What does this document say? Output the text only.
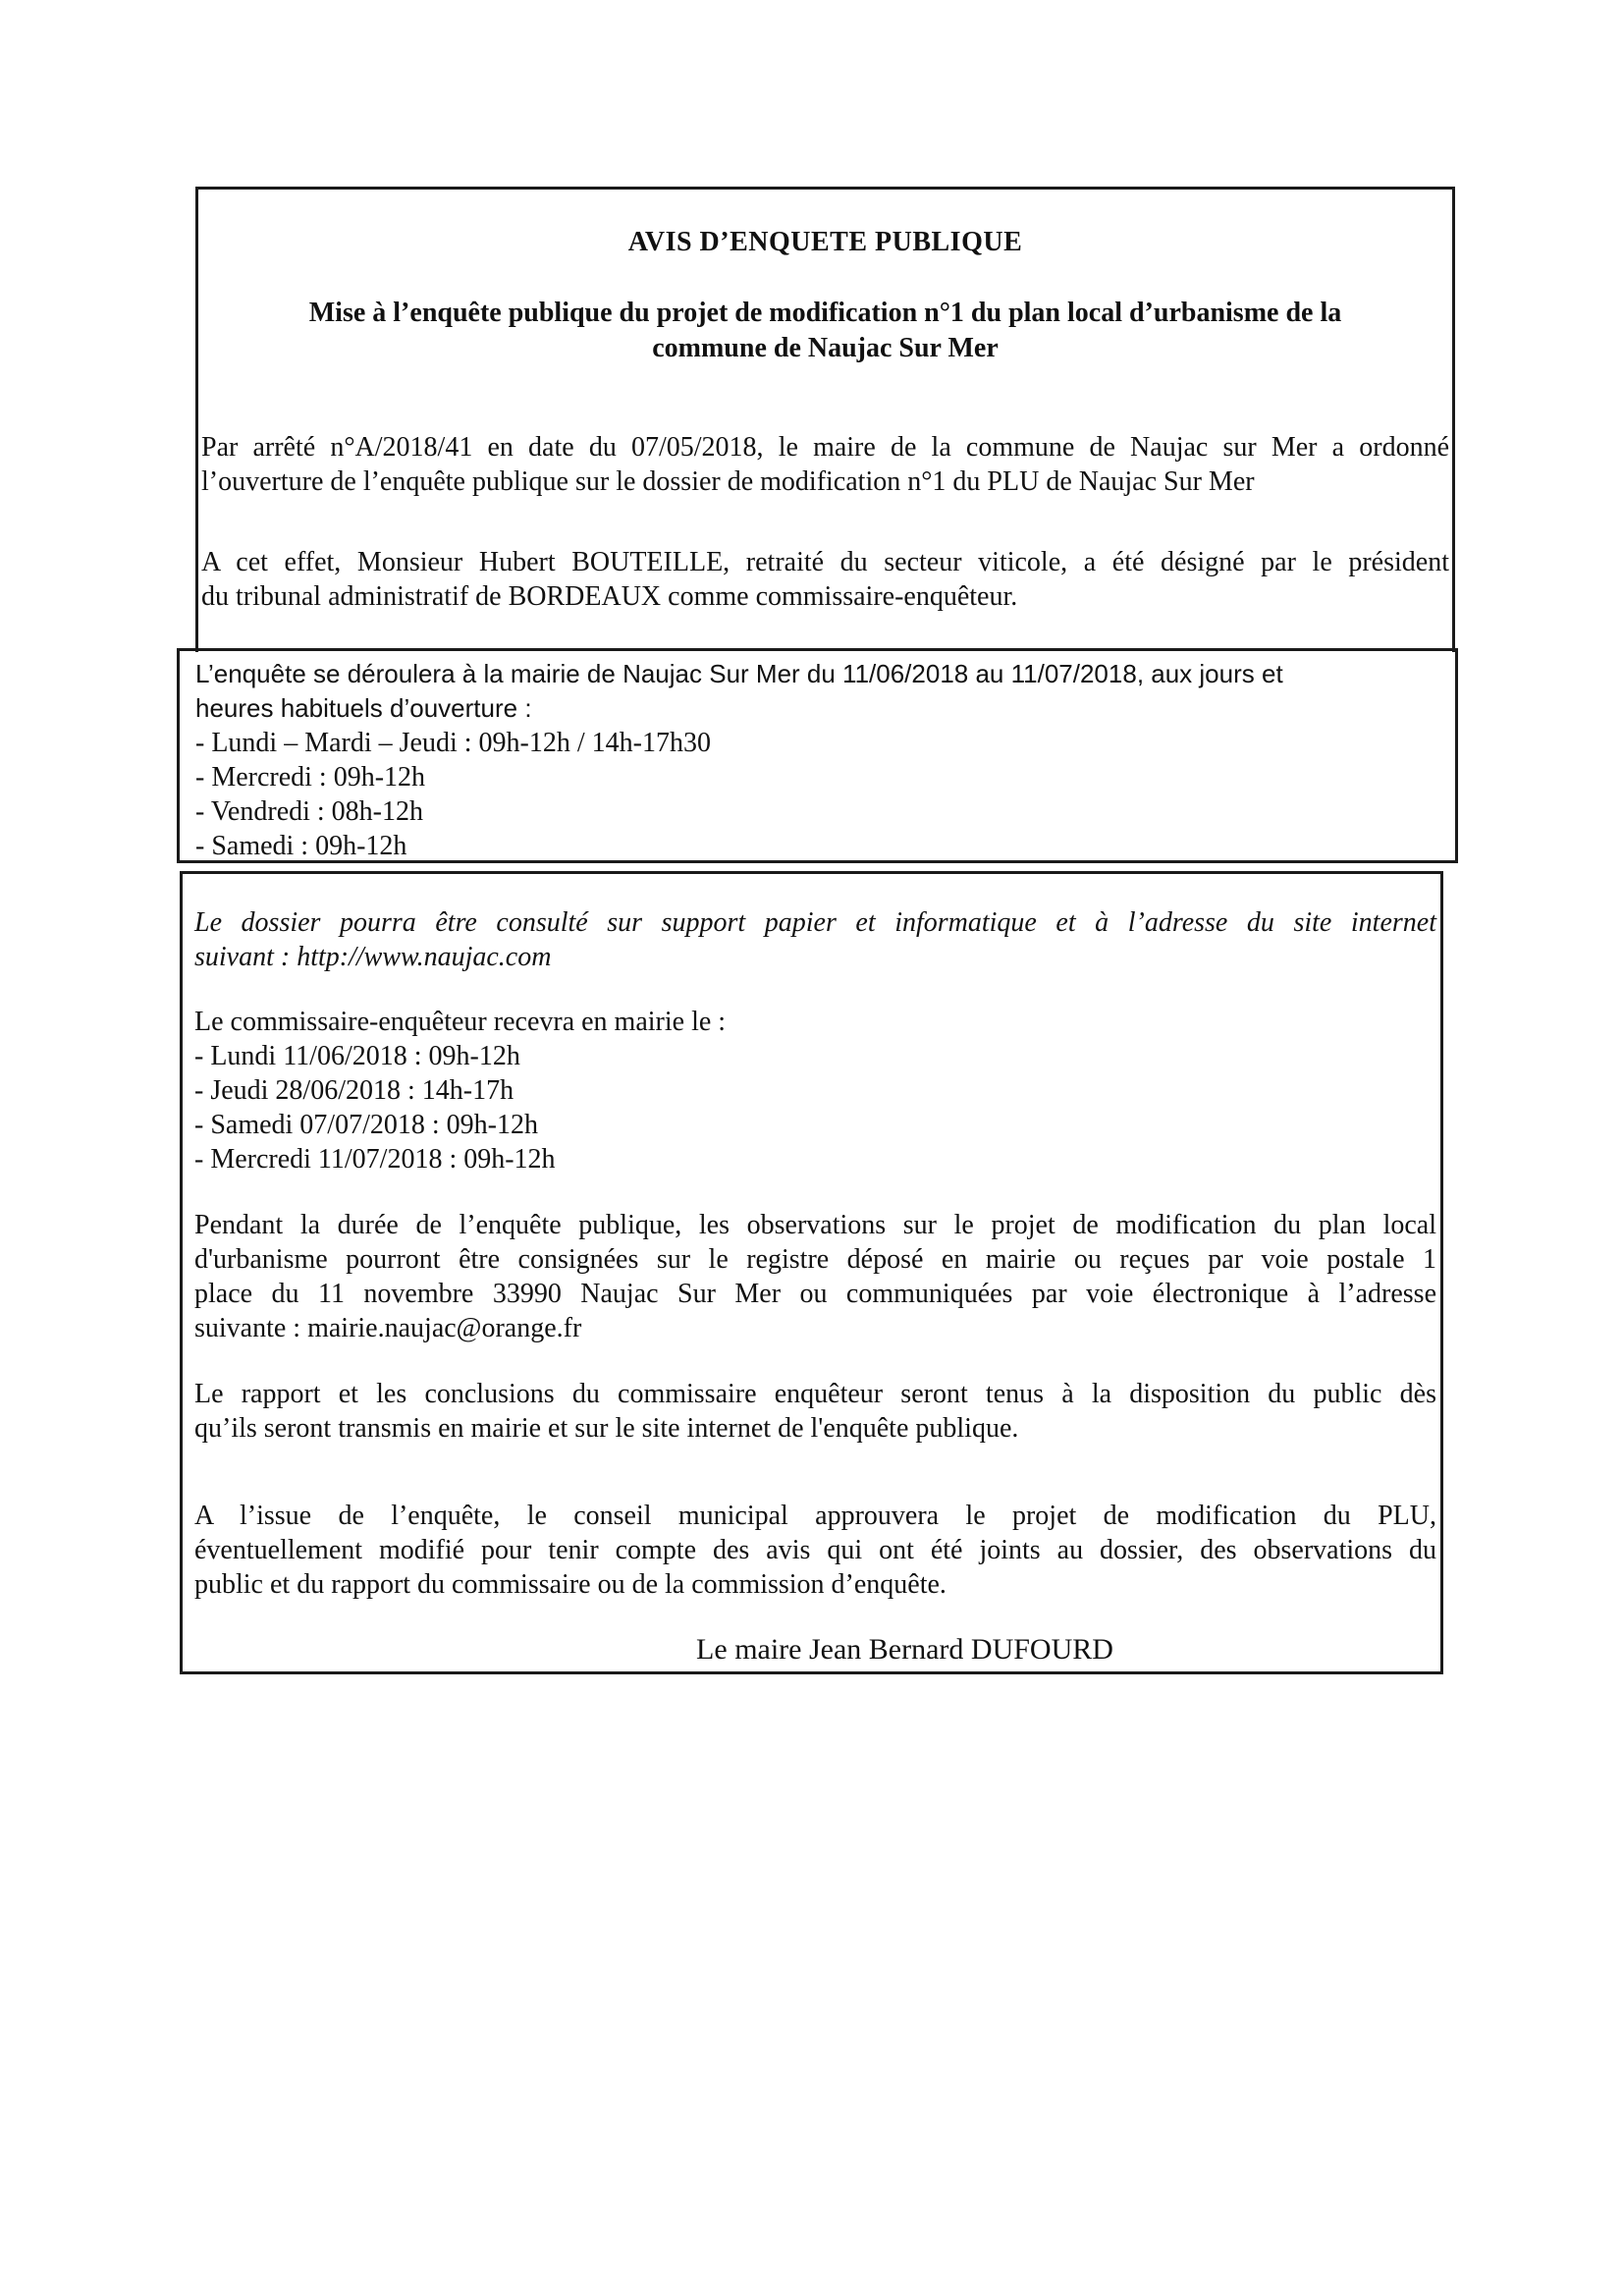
AVIS D’ENQUETE PUBLIQUE
Mise à l’enquête publique du projet de modification n°1 du plan local d’urbanisme de la
commune de Naujac Sur Mer
Par arrêté n°A/2018/41 en date du 07/05/2018, le maire de la commune de Naujac sur Mer a ordonné
l’ouverture de l’enquête publique sur le dossier de modification n°1 du PLU de Naujac Sur Mer
A cet effet, Monsieur Hubert BOUTEILLE, retraité du secteur viticole, a été désigné par le président
du tribunal administratif de BORDEAUX comme commissaire-enquêteur.
L’enquête se déroulera à la mairie de Naujac Sur Mer du 11/06/2018 au 11/07/2018, aux jours et
heures habituels d’ouverture :
- Lundi – Mardi – Jeudi : 09h-12h / 14h-17h30
- Mercredi : 09h-12h
- Vendredi : 08h-12h
- Samedi : 09h-12h
Le dossier pourra être consulté sur support papier et informatique et à l’adresse du site internet
suivant : http://www.naujac.com
Le commissaire-enquêteur recevra en mairie le :
- Lundi 11/06/2018 : 09h-12h
- Jeudi 28/06/2018 : 14h-17h
- Samedi 07/07/2018 : 09h-12h
- Mercredi 11/07/2018 : 09h-12h
Pendant la durée de l’enquête publique, les observations sur le projet de modification du plan local
d'urbanisme pourront être consignées sur le registre déposé en mairie ou reçues par voie postale 1
place du 11 novembre 33990 Naujac Sur Mer ou communiquées par voie électronique à l’adresse
suivante : mairie.naujac@orange.fr
Le rapport et les conclusions du commissaire enquêteur seront tenus à la disposition du public dès
qu’ils seront transmis en mairie et sur le site internet de l'enquête publique.
A l’issue de l’enquête, le conseil municipal approuvera le projet de modification du PLU,
éventuellement modifié pour tenir compte des avis qui ont été joints au dossier, des observations du
public et du rapport du commissaire ou de la commission d’enquête.
Le maire Jean Bernard DUFOURD
